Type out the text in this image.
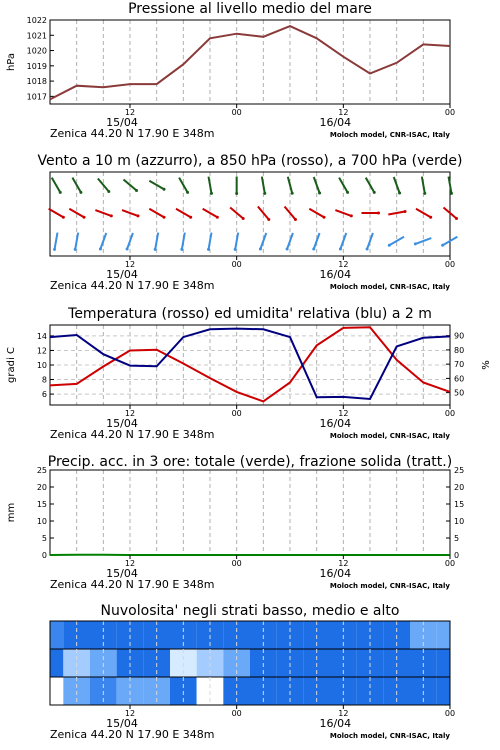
Pressione al livello medio del mare
1017
1018
1019
1020
1021
1022
hPa
12	00	12	00
15/04	16/04
Zenica 44.20 N 17.90 E 348m	Moloch model, CNR-ISAC, Italy
Vento a 10 m (azzurro), a 850 hPa (rosso), a 700 hPa (verde)
12	00	12	00
15/04	16/04
Zenica 44.20 N 17.90 E 348m	Moloch model, CNR-ISAC, Italy
Temperatura (rosso) ed umidita' relativa (blu) a 2 m
6
8
10
12
14
50
60
70
80
90
gradi C	%
12	00	12	00
15/04	16/04
Zenica 44.20 N 17.90 E 348m	Moloch model, CNR-ISAC, Italy
Precip. acc. in 3 ore: totale (verde), frazione solida (tratt.)
0
5
10
15
20
25
0
5
10
15
20
25
mm
12	00	12	00
15/04	16/04
Zenica 44.20 N 17.90 E 348m	Moloch model, CNR-ISAC, Italy
Nuvolosita' negli strati basso, medio e alto
12	00	12	00
15/04	16/04
Zenica 44.20 N 17.90 E 348m	Moloch model, CNR-ISAC, Italy
